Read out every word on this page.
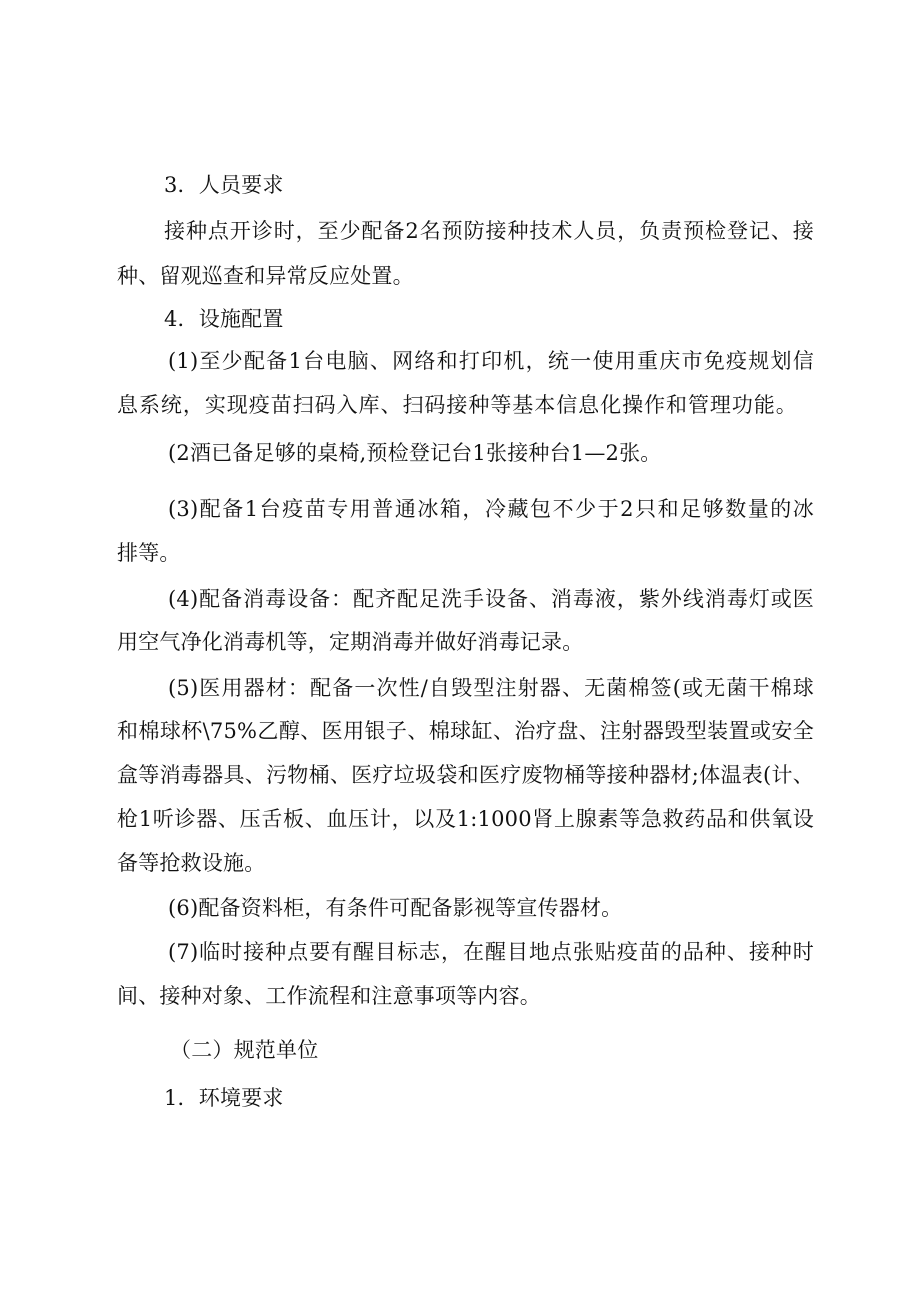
3．人员要求
接种点开诊时，至少配备2名预防接种技术人员，负责预检登记、接
种、留观巡查和异常反应处置。
4．设施配置
(1)至少配备1台电脑、网络和打印机，统一使用重庆市免疫规划信
息系统，实现疫苗扫码入库、扫码接种等基本信息化操作和管理功能。
(2酒已备足够的桌椅,预检登记台1张接种台1—2张。
(3)配备1台疫苗专用普通冰箱，冷藏包不少于2只和足够数量的冰
排等。
(4)配备消毒设备：配齐配足洗手设备、消毒液，紫外线消毒灯或医
用空气净化消毒机等，定期消毒并做好消毒记录。
(5)医用器材：配备一次性/自毁型注射器、无菌棉签(或无菌干棉球
和棉球杯\75%乙醇、医用银子、棉球缸、治疗盘、注射器毁型装置或安全
盒等消毒器具、污物桶、医疗垃圾袋和医疗废物桶等接种器材;体温表(计、
枪1听诊器、压舌板、血压计，以及1:1000肾上腺素等急救药品和供氧设
备等抢救设施。
(6)配备资料柜，有条件可配备影视等宣传器材。
(7)临时接种点要有醒目标志，在醒目地点张贴疫苗的品种、接种时
间、接种对象、工作流程和注意事项等内容。
（二）规范单位
1．环境要求
